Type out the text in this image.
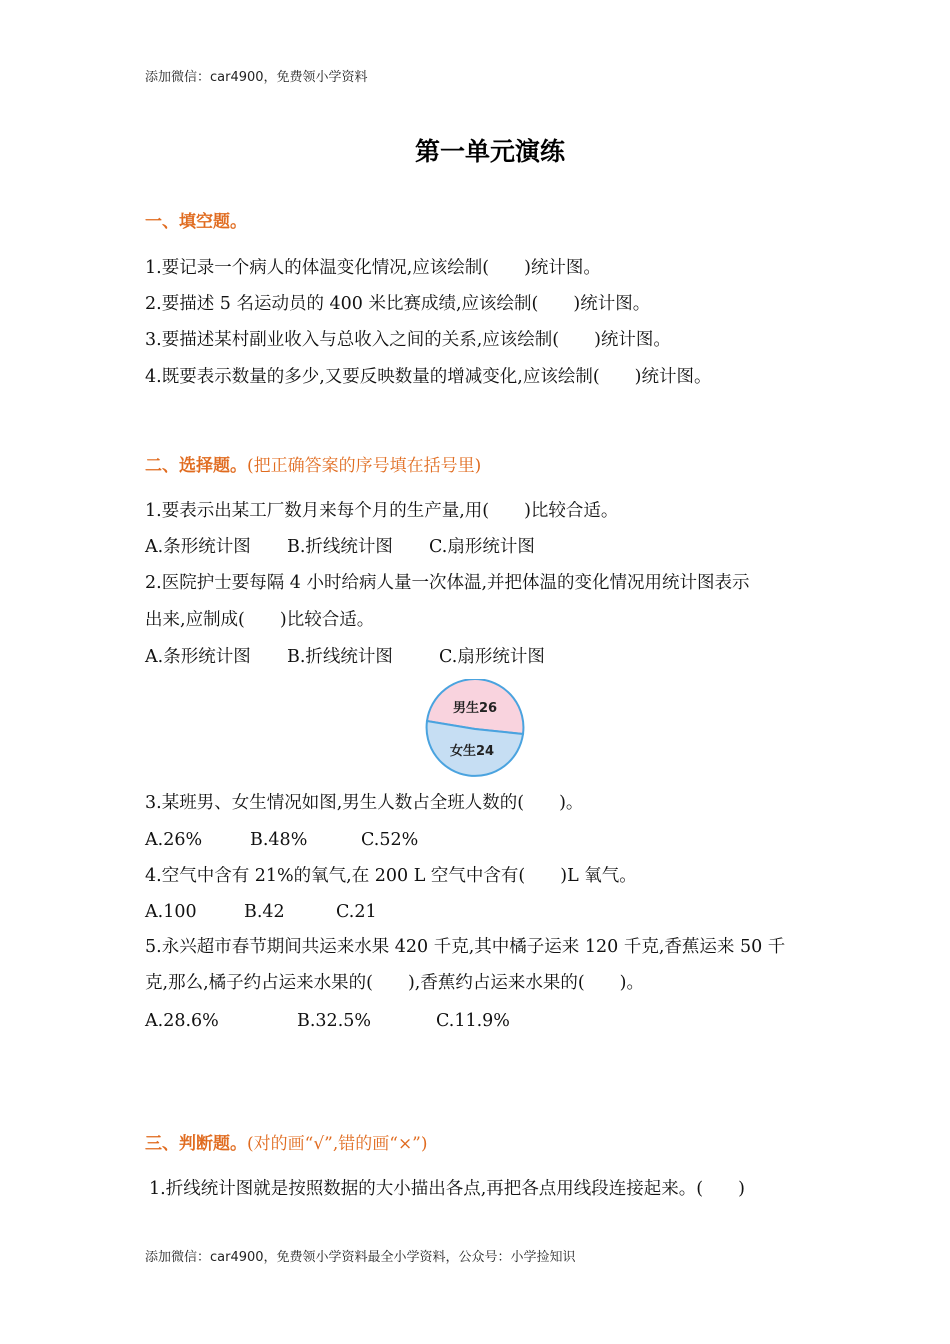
添加微信：car4900，免费领小学资料
第一单元演练
一、填空题。
1.要记录一个病人的体温变化情况,应该绘制(　　)统计图。
2.要描述 5 名运动员的 400 米比赛成绩,应该绘制(　　)统计图。
3.要描述某村副业收入与总收入之间的关系,应该绘制(　　)统计图。
4.既要表示数量的多少,又要反映数量的增减变化,应该绘制(　　)统计图。
二、选择题。(把正确答案的序号填在括号里)
1.要表示出某工厂数月来每个月的生产量,用(　　)比较合适。
A.条形统计图 B.折线统计图 C.扇形统计图
2.医院护士要每隔 4 小时给病人量一次体温,并把体温的变化情况用统计图表示
出来,应制成(　　)比较合适。
A.条形统计图 B.折线统计图	C.扇形统计图
男生26
女生24
3.某班男、女生情况如图,男生人数占全班人数的(　　)。
A.26%	B.48%	C.52%
4.空气中含有 21%的氧气,在 200 L 空气中含有(　　)L 氧气。
A.100	B.42	C.21
5.永兴超市春节期间共运来水果 420 千克,其中橘子运来 120 千克,香蕉运来 50 千
克,那么,橘子约占运来水果的(　　),香蕉约占运来水果的(　　)。
A.28.6%	B.32.5%	C.11.9%
三、判断题。(对的画“√”,错的画“×”)
1.折线统计图就是按照数据的大小描出各点,再把各点用线段连接起来。(　　)
添加微信：car4900，免费领小学资料最全小学资料，公众号：小学捡知识
